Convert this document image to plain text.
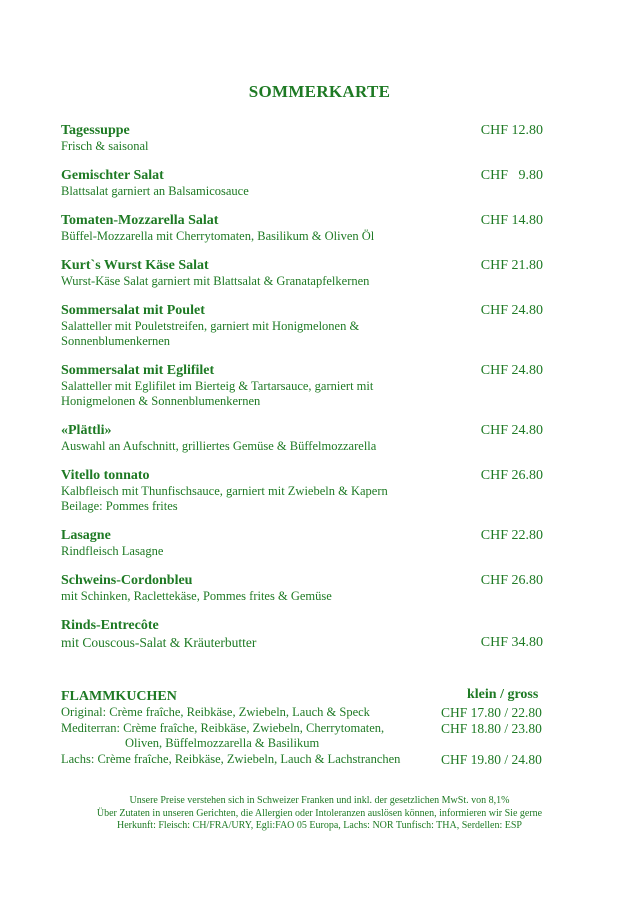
SOMMERKARTE
Tagessuppe
Frisch & saisonal
CHF 12.80
Gemischter Salat
Blattsalat garniert an Balsamicosauce
CHF   9.80
Tomaten-Mozzarella Salat
Büffel-Mozzarella mit Cherrytomaten, Basilikum & Oliven Öl
CHF 14.80
Kurt`s Wurst Käse Salat
Wurst-Käse Salat garniert mit Blattsalat & Granatapfelkernen
CHF 21.80
Sommersalat mit Poulet
Salatteller mit Pouletstreifen, garniert mit Honigmelonen & Sonnenblumenkernen
CHF 24.80
Sommersalat mit Eglifilet
Salatteller mit Eglifilet im Bierteig & Tartarsauce, garniert mit Honigmelonen & Sonnenblumenkernen
CHF 24.80
«Plättli»
Auswahl an Aufschnitt, grilliertes Gemüse & Büffelmozzarella
CHF 24.80
Vitello tonnato
Kalbfleisch mit Thunfischsauce, garniert mit Zwiebeln & Kapern
Beilage: Pommes frites
CHF 26.80
Lasagne
Rindfleisch Lasagne
CHF 22.80
Schweins-Cordonbleu
mit Schinken, Raclettekäse, Pommes frites & Gemüse
CHF 26.80
Rinds-Entrecôte
mit Couscous-Salat & Kräuterbutter	CHF 34.80
FLAMMKUCHEN	klein / gross
Original: Crème fraîche, Reibkäse, Zwiebeln, Lauch & Speck	CHF 17.80 / 22.80
Mediterran: Crème fraîche, Reibkäse, Zwiebeln, Cherrytomaten,
Oliven, Büffelmozzarella & Basilikum
CHF 18.80 / 23.80
Lachs: Crème fraîche, Reibkäse, Zwiebeln, Lauch & Lachstranchen	CHF 19.80 / 24.80
Unsere Preise verstehen sich in Schweizer Franken und inkl. der gesetzlichen MwSt. von 8,1%
Über Zutaten in unseren Gerichten, die Allergien oder Intoleranzen auslösen können, informieren wir Sie gerne
Herkunft: Fleisch: CH/FRA/URY, Egli:FAO 05 Europa, Lachs: NOR Tunfisch: THA, Serdellen: ESP
